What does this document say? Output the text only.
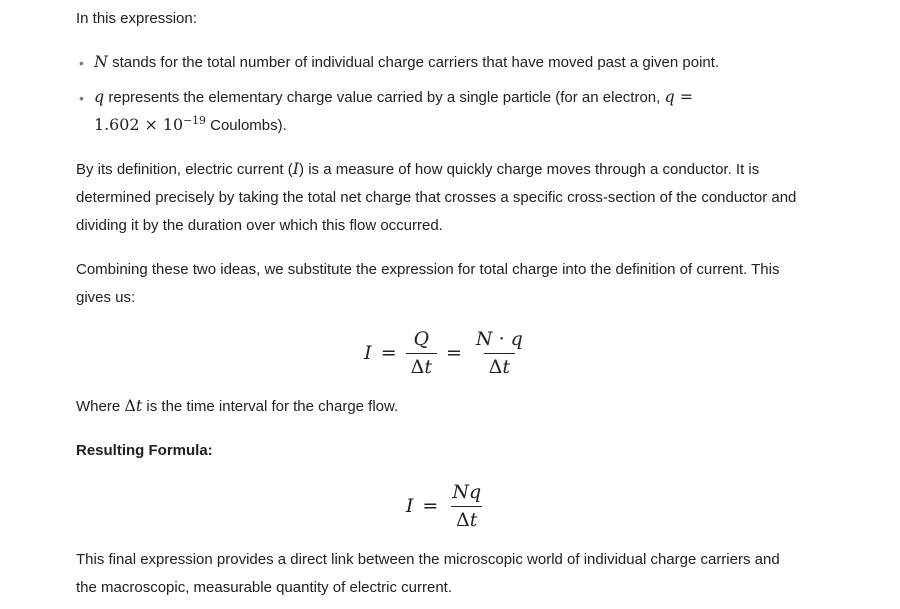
In this expression:

• N stands for the total number of individual charge carriers that have moved past a given point.
• q represents the elementary charge value carried by a single particle (for an electron, $q = 1.602 \times 10^{-19}$ Coulombs).

By its definition, electric current (I) is a measure of how quickly charge moves through a conductor. It is determined precisely by taking the total net charge that crosses a specific cross-section of the conductor and dividing it by the duration over which this flow occurred.

Combining these two ideas, we substitute the expression for total charge into the definition of current. This gives us:

$I = \frac{Q}{\Delta t} = \frac{N \cdot q}{\Delta t}$

Where Δt is the time interval for the charge flow.

Resulting Formula:

$I = \frac{Nq}{\Delta t}$

This final expression provides a direct link between the microscopic world of individual charge carriers and the macroscopic, measurable quantity of electric current.
